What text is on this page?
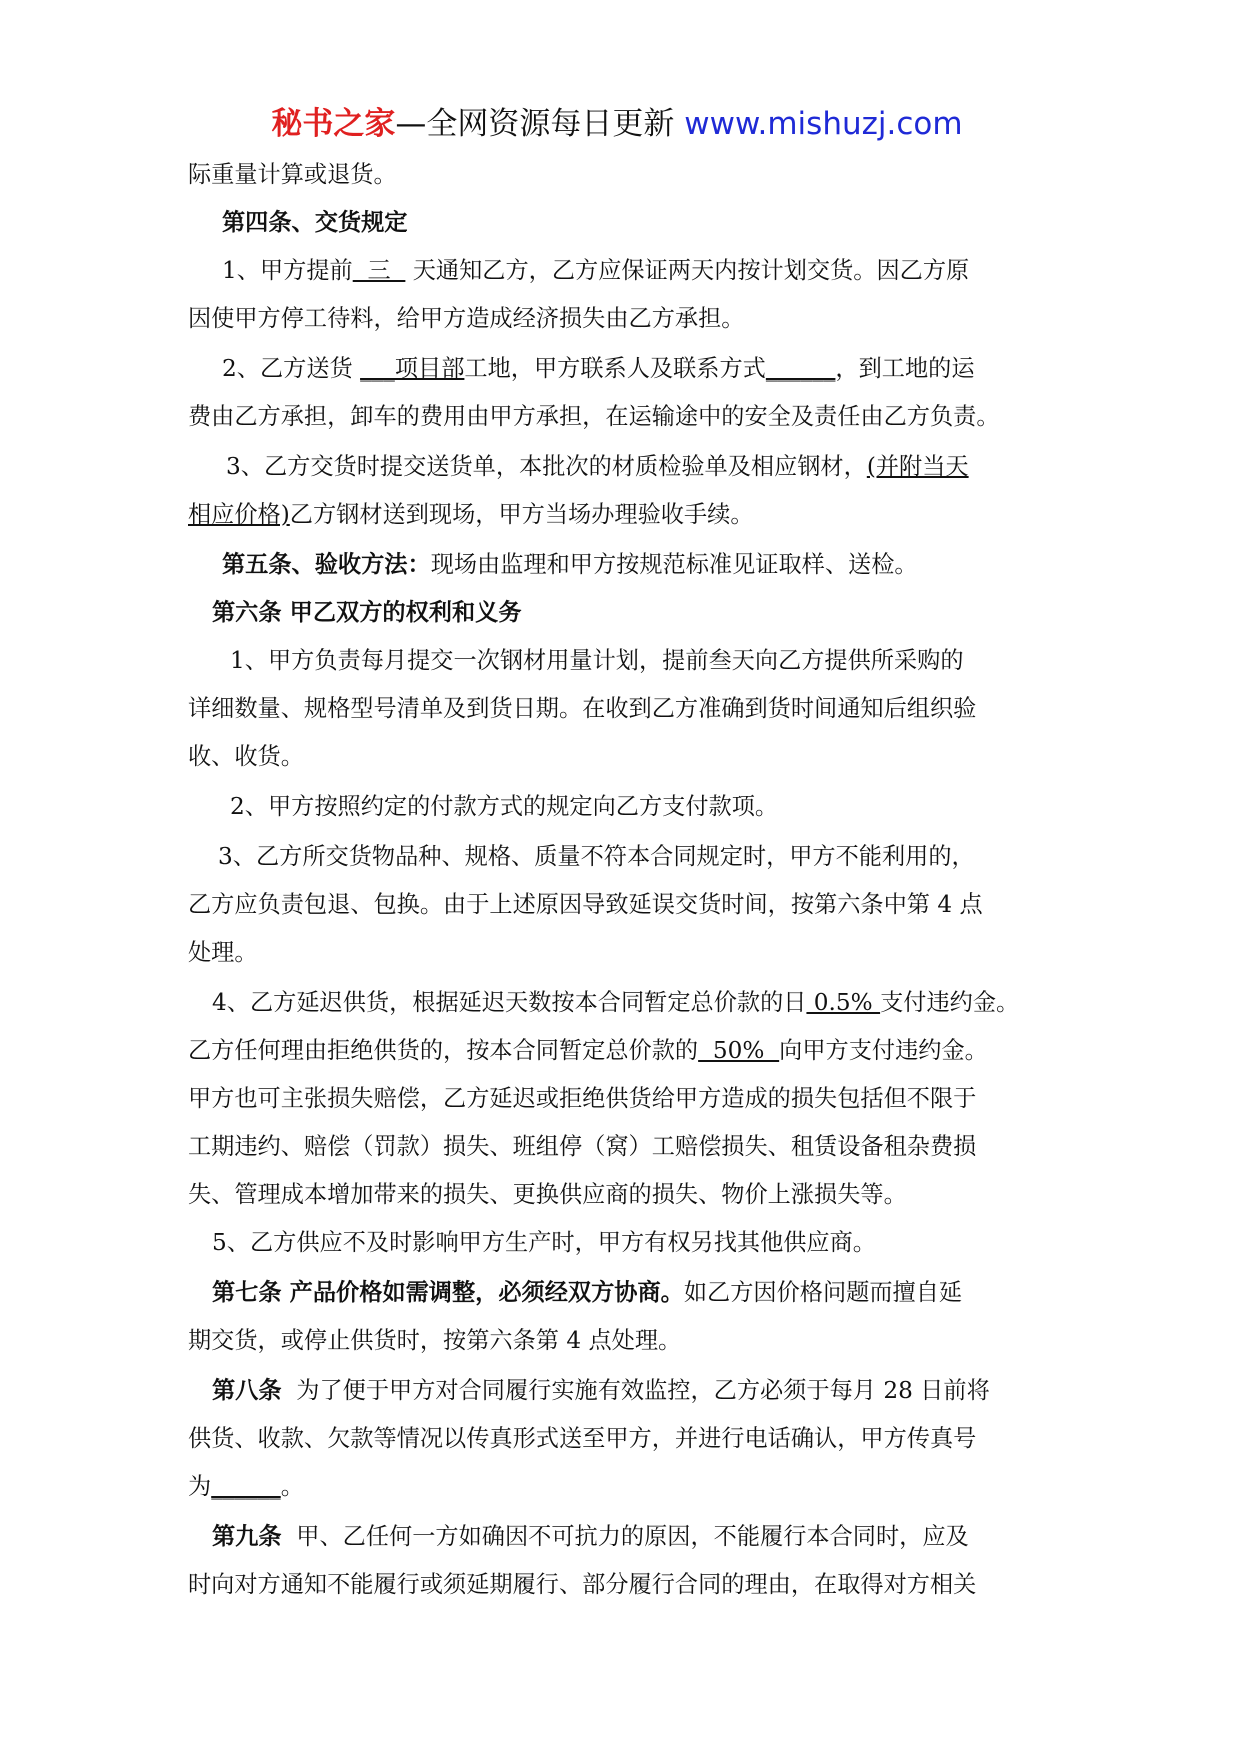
秘书之家—全网资源每日更新 www.mishuzj.com
际重量计算或退货。
第四条、交货规定
1、甲方提前  三   天通知乙方，乙方应保证两天内按计划交货。因乙方原
因使甲方停工待料，给甲方造成经济损失由乙方承担。
2、乙方送货 ___项目部工地，甲方联系人及联系方式______，到工地的运
费由乙方承担，卸车的费用由甲方承担，在运输途中的安全及责任由乙方负责。
3、乙方交货时提交送货单，本批次的材质检验单及相应钢材，(并附当天
相应价格)乙方钢材送到现场，甲方当场办理验收手续。
第五条、验收方法：现场由监理和甲方按规范标准见证取样、送检。
第六条 甲乙双方的权利和义务
1、甲方负责每月提交一次钢材用量计划，提前叁天向乙方提供所采购的
详细数量、规格型号清单及到货日期。在收到乙方准确到货时间通知后组织验
收、收货。
2、甲方按照约定的付款方式的规定向乙方支付款项。
3、乙方所交货物品种、规格、质量不符本合同规定时，甲方不能利用的，
乙方应负责包退、包换。由于上述原因导致延误交货时间，按第六条中第 4 点
处理。
4、乙方延迟供货，根据延迟天数按本合同暂定总价款的日 0.5% 支付违约金。
乙方任何理由拒绝供货的，按本合同暂定总价款的  50%  向甲方支付违约金。
甲方也可主张损失赔偿，乙方延迟或拒绝供货给甲方造成的损失包括但不限于
工期违约、赔偿（罚款）损失、班组停（窝）工赔偿损失、租赁设备租杂费损
失、管理成本增加带来的损失、更换供应商的损失、物价上涨损失等。
5、乙方供应不及时影响甲方生产时，甲方有权另找其他供应商。
第七条 产品价格如需调整，必须经双方协商。如乙方因价格问题而擅自延
期交货，或停止供货时，按第六条第 4 点处理。
第八条  为了便于甲方对合同履行实施有效监控，乙方必须于每月 28 日前将
供货、收款、欠款等情况以传真形式送至甲方，并进行电话确认，甲方传真号
为______。
第九条  甲、乙任何一方如确因不可抗力的原因，不能履行本合同时，应及
时向对方通知不能履行或须延期履行、部分履行合同的理由，在取得对方相关
